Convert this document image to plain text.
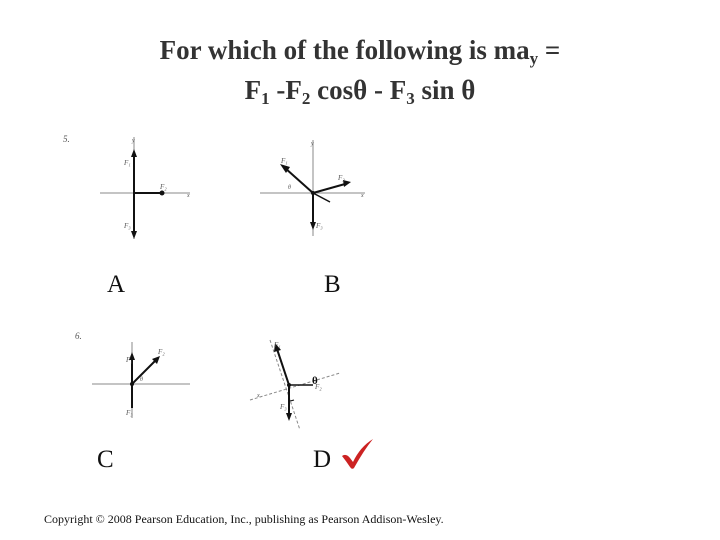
For which of the following is $ma_y$ =
$F_1$ $-F_2$ cosθ - $F_3$ sin θ
5.
6.
F₁
F₂
F₃
x
y
F₁
F₂
F₃
θ
x
y
A	B
F₁
F₂
F₃
θ
x
F₁
F₂
F₃
θ
C	D
Copyright © 2008 Pearson Education, Inc., publishing as Pearson Addison-Wesley.
